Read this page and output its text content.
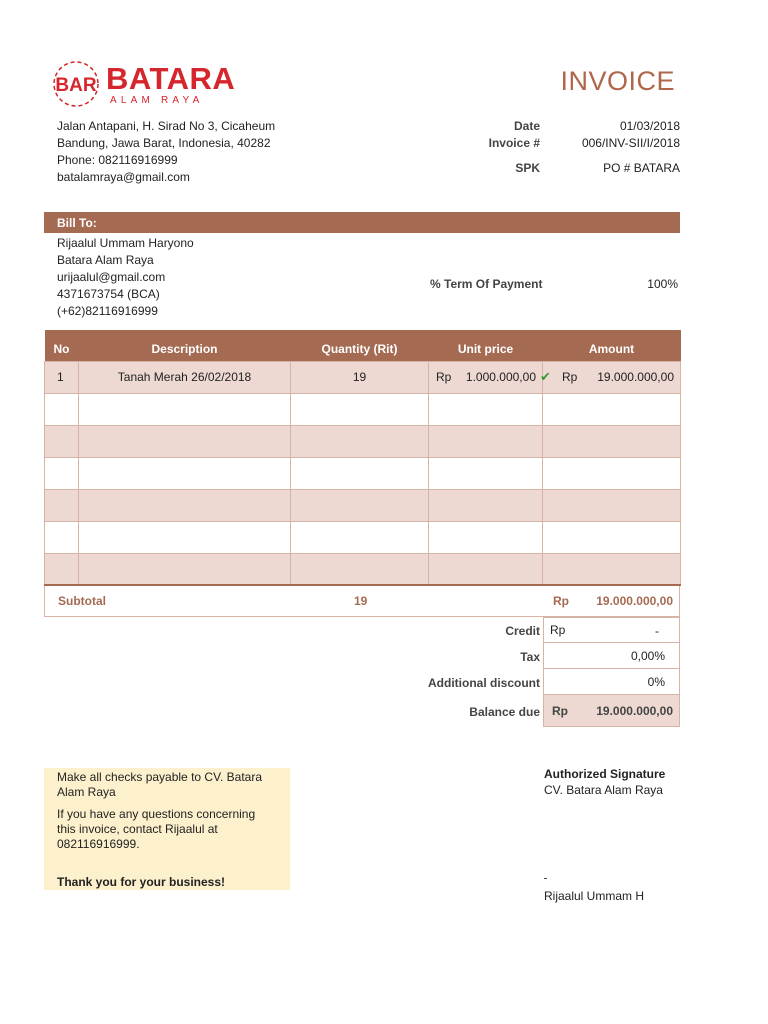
BAR BATARA
ALAM RAYA
INVOICE
Jalan Antapani, H. Sirad No 3, Cicaheum
Bandung, Jawa Barat, Indonesia, 40282
Phone: 082116916999
batalamraya@gmail.com
Date	01/03/2018
Invoice #	006/INV-SII/I/2018
SPK	PO # BATARA
Bill To:
Rijaalul Ummam Haryono
Batara Alam Raya
urijaalul@gmail.com
4371673754 (BCA)
(+62)82116916999
% Term Of Payment	100%
No	Description	Quantity (Rit)	Unit price	Amount
1	Tanah Merah 26/02/2018	19	Rp 1.000.000,00	✔ Rp 19.000.000,00

Subtotal	19	Rp 19.000.000,00
Credit Rp	-
Tax	0,00%
Additional discount	0%
Balance due Rp 19.000.000,00

Make all checks payable to CV. Batara Alam Raya

If you have any questions concerning this invoice, contact Rijaalul at 082116916999.

Thank you for your business!

Authorized Signature
CV. Batara Alam Raya
Rijaalul Ummam H
